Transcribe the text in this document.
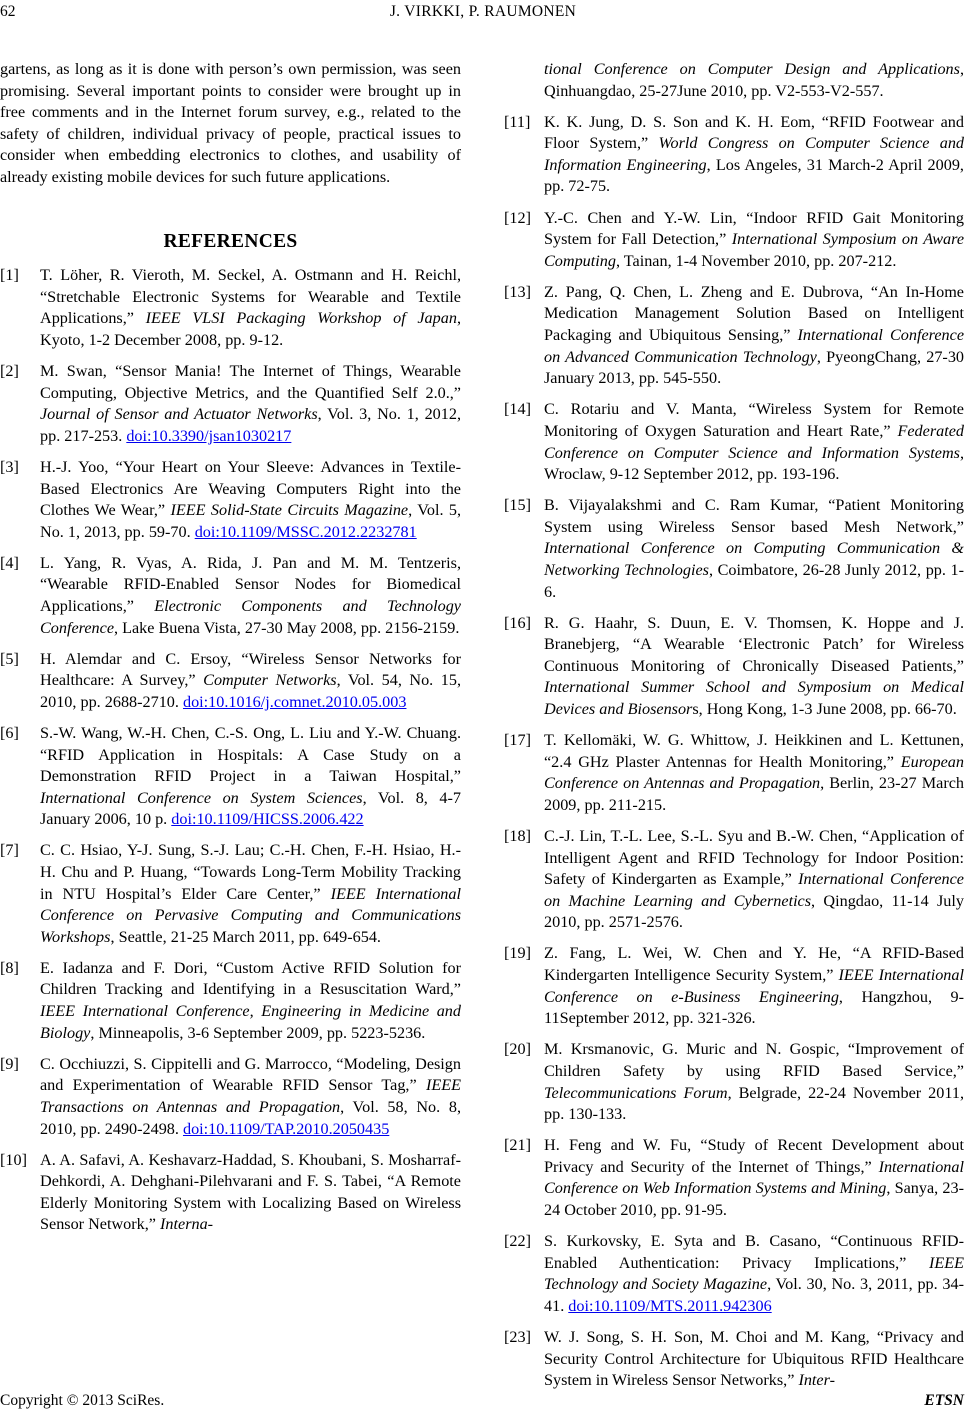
62	J. VIRKKI, P. RAUMONEN

gartens, as long as it is done with person’s own permission, was seen promising. Several important points to consider were brought up in free comments and in the Internet forum survey, e.g., related to the safety of children, individual privacy of people, practical issues to consider when embedding electronics to clothes, and usability of already existing mobile devices for such future applications.

REFERENCES
[1]	T. Löher, R. Vieroth, M. Seckel, A. Ostmann and H. Reichl, “Stretchable Electronic Systems for Wearable and Textile Applications,” IEEE VLSI Packaging Workshop of Japan, Kyoto, 1-2 December 2008, pp. 9-12.
[2]	M. Swan, “Sensor Mania! The Internet of Things, Wearable Computing, Objective Metrics, and the Quantified Self 2.0.,” Journal of Sensor and Actuator Networks, Vol. 3, No. 1, 2012, pp. 217-253. doi:10.3390/jsan1030217
[3]	H.-J. Yoo, “Your Heart on Your Sleeve: Advances in Textile-Based Electronics Are Weaving Computers Right into the Clothes We Wear,” IEEE Solid-State Circuits Magazine, Vol. 5, No. 1, 2013, pp. 59-70. doi:10.1109/MSSC.2012.2232781
[4]	L. Yang, R. Vyas, A. Rida, J. Pan and M. M. Tentzeris, “Wearable RFID-Enabled Sensor Nodes for Biomedical Applications,” Electronic Components and Technology Conference, Lake Buena Vista, 27-30 May 2008, pp. 2156-2159.
[5]	H. Alemdar and C. Ersoy, “Wireless Sensor Networks for Healthcare: A Survey,” Computer Networks, Vol. 54, No. 15, 2010, pp. 2688-2710. doi:10.1016/j.comnet.2010.05.003
[6]	S.-W. Wang, W.-H. Chen, C.-S. Ong, L. Liu and Y.-W. Chuang. “RFID Application in Hospitals: A Case Study on a Demonstration RFID Project in a Taiwan Hospital,” International Conference on System Sciences, Vol. 8, 4-7 January 2006, 10 p. doi:10.1109/HICSS.2006.422
[7]	C. C. Hsiao, Y-J. Sung, S.-J. Lau; C.-H. Chen, F.-H. Hsiao, H.-H. Chu and P. Huang, “Towards Long-Term Mobility Tracking in NTU Hospital’s Elder Care Center,” IEEE International Conference on Pervasive Computing and Communications Workshops, Seattle, 21-25 March 2011, pp. 649-654.
[8]	E. Iadanza and F. Dori, “Custom Active RFID Solution for Children Tracking and Identifying in a Resuscitation Ward,” IEEE International Conference, Engineering in Medicine and Biology, Minneapolis, 3-6 September 2009, pp. 5223-5236.
[9]	C. Occhiuzzi, S. Cippitelli and G. Marrocco, “Modeling, Design and Experimentation of Wearable RFID Sensor Tag,” IEEE Transactions on Antennas and Propagation, Vol. 58, No. 8, 2010, pp. 2490-2498. doi:10.1109/TAP.2010.2050435
[10] A. A. Safavi, A. Keshavarz-Haddad, S. Khoubani, S. Mosharraf-Dehkordi, A. Dehghani-Pilehvarani and F. S. Tabei, “A Remote Elderly Monitoring System with Localizing Based on Wireless Sensor Network,” Interna-
tional Conference on Computer Design and Applications, Qinhuangdao, 25-27June 2010, pp. V2-553-V2-557.
[11] K. K. Jung, D. S. Son and K. H. Eom, “RFID Footwear and Floor System,” World Congress on Computer Science and Information Engineering, Los Angeles, 31 March-2 April 2009, pp. 72-75.
[12] Y.-C. Chen and Y.-W. Lin, “Indoor RFID Gait Monitoring System for Fall Detection,” International Symposium on Aware Computing, Tainan, 1-4 November 2010, pp. 207-212.
[13] Z. Pang, Q. Chen, L. Zheng and E. Dubrova, “An In-Home Medication Management Solution Based on Intelligent Packaging and Ubiquitous Sensing,” International Conference on Advanced Communication Technology, PyeongChang, 27-30 January 2013, pp. 545-550.
[14] C. Rotariu and V. Manta, “Wireless System for Remote Monitoring of Oxygen Saturation and Heart Rate,” Federated Conference on Computer Science and Information Systems, Wroclaw, 9-12 September 2012, pp. 193-196.
[15] B. Vijayalakshmi and C. Ram Kumar, “Patient Monitoring System using Wireless Sensor based Mesh Network,” International Conference on Computing Communication & Networking Technologies, Coimbatore, 26-28 Junly 2012, pp. 1-6.
[16] R. G. Haahr, S. Duun, E. V. Thomsen, K. Hoppe and J. Branebjerg, “A Wearable ‘Electronic Patch’ for Wireless Continuous Monitoring of Chronically Diseased Patients,” International Summer School and Symposium on Medical Devices and Biosensors, Hong Kong, 1-3 June 2008, pp. 66-70.
[17] T. Kellomäki, W. G. Whittow, J. Heikkinen and L. Kettunen, “2.4 GHz Plaster Antennas for Health Monitoring,” European Conference on Antennas and Propagation, Berlin, 23-27 March 2009, pp. 211-215.
[18] C.-J. Lin, T.-L. Lee, S.-L. Syu and B.-W. Chen, “Application of Intelligent Agent and RFID Technology for Indoor Position: Safety of Kindergarten as Example,” International Conference on Machine Learning and Cybernetics, Qingdao, 11-14 July 2010, pp. 2571-2576.
[19] Z. Fang, L. Wei, W. Chen and Y. He, “A RFID-Based Kindergarten Intelligence Security System,” IEEE International Conference on e-Business Engineering, Hangzhou, 9-11September 2012, pp. 321-326.
[20] M. Krsmanovic, G. Muric and N. Gospic, “Improvement of Children Safety by using RFID Based Service,” Telecommunications Forum, Belgrade, 22-24 November 2011, pp. 130-133.
[21] H. Feng and W. Fu, “Study of Recent Development about Privacy and Security of the Internet of Things,” International Conference on Web Information Systems and Mining, Sanya, 23-24 October 2010, pp. 91-95.
[22] S. Kurkovsky, E. Syta and B. Casano, “Continuous RFID-Enabled Authentication: Privacy Implications,” IEEE Technology and Society Magazine, Vol. 30, No. 3, 2011, pp. 34-41. doi:10.1109/MTS.2011.942306
[23] W. J. Song, S. H. Son, M. Choi and M. Kang, “Privacy and Security Control Architecture for Ubiquitous RFID Healthcare System in Wireless Sensor Networks,” Inter-
Copyright © 2013 SciRes.	ETSN
